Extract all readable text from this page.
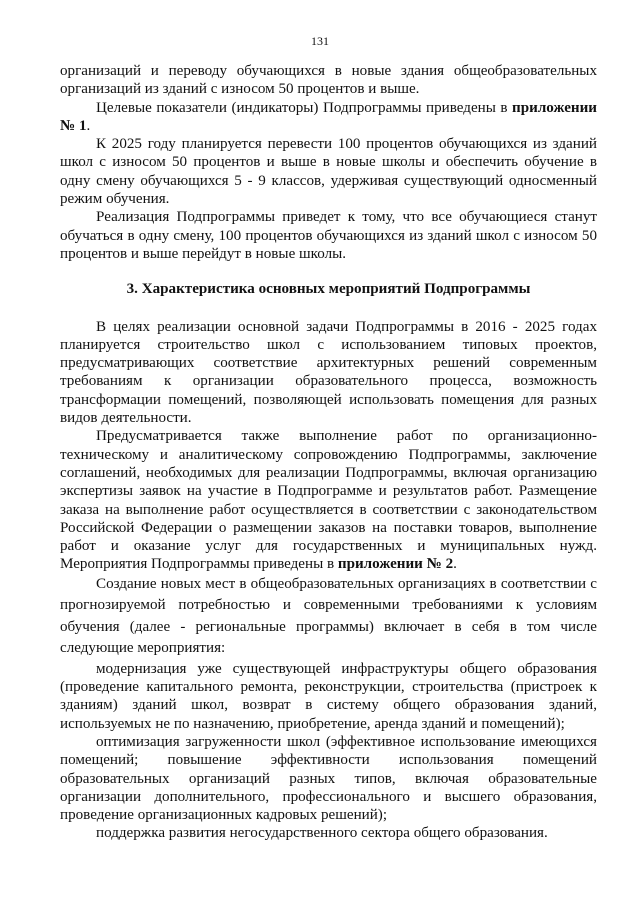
131

организаций и переводу обучающихся в новые здания общеобразовательных организаций из зданий с износом 50 процентов и выше.

Целевые показатели (индикаторы) Подпрограммы приведены в приложении № 1.

К 2025 году планируется перевести 100 процентов обучающихся из зданий школ с износом 50 процентов и выше в новые школы и обеспечить обучение в одну смену обучающихся 5 - 9 классов, удерживая существующий односменный режим обучения.

Реализация Подпрограммы приведет к тому, что все обучающиеся станут обучаться в одну смену, 100 процентов обучающихся из зданий школ с износом 50 процентов и выше перейдут в новые школы.

3. Характеристика основных мероприятий Подпрограммы

В целях реализации основной задачи Подпрограммы в 2016 - 2025 годах планируется строительство школ с использованием типовых проектов, предусматривающих соответствие архитектурных решений современным требованиям к организации образовательного процесса, возможность трансформации помещений, позволяющей использовать помещения для разных видов деятельности.

Предусматривается также выполнение работ по организационно-техническому и аналитическому сопровождению Подпрограммы, заключение соглашений, необходимых для реализации Подпрограммы, включая организацию экспертизы заявок на участие в Подпрограмме и результатов работ. Размещение заказа на выполнение работ осуществляется в соответствии с законодательством Российской Федерации о размещении заказов на поставки товаров, выполнение работ и оказание услуг для государственных и муниципальных нужд. Мероприятия Подпрограммы приведены в приложении № 2.

Создание новых мест в общеобразовательных организациях в соответствии с прогнозируемой потребностью и современными требованиями к условиям обучения (далее - региональные программы) включает в себя в том числе следующие мероприятия:

модернизация уже существующей инфраструктуры общего образования (проведение капитального ремонта, реконструкции, строительства (пристроек к зданиям) зданий школ, возврат в систему общего образования зданий, используемых не по назначению, приобретение, аренда зданий и помещений);

оптимизация загруженности школ (эффективное использование имеющихся помещений; повышение эффективности использования помещений образовательных организаций разных типов, включая образовательные организации дополнительного, профессионального и высшего образования, проведение организационных кадровых решений);

поддержка развития негосударственного сектора общего образования.
